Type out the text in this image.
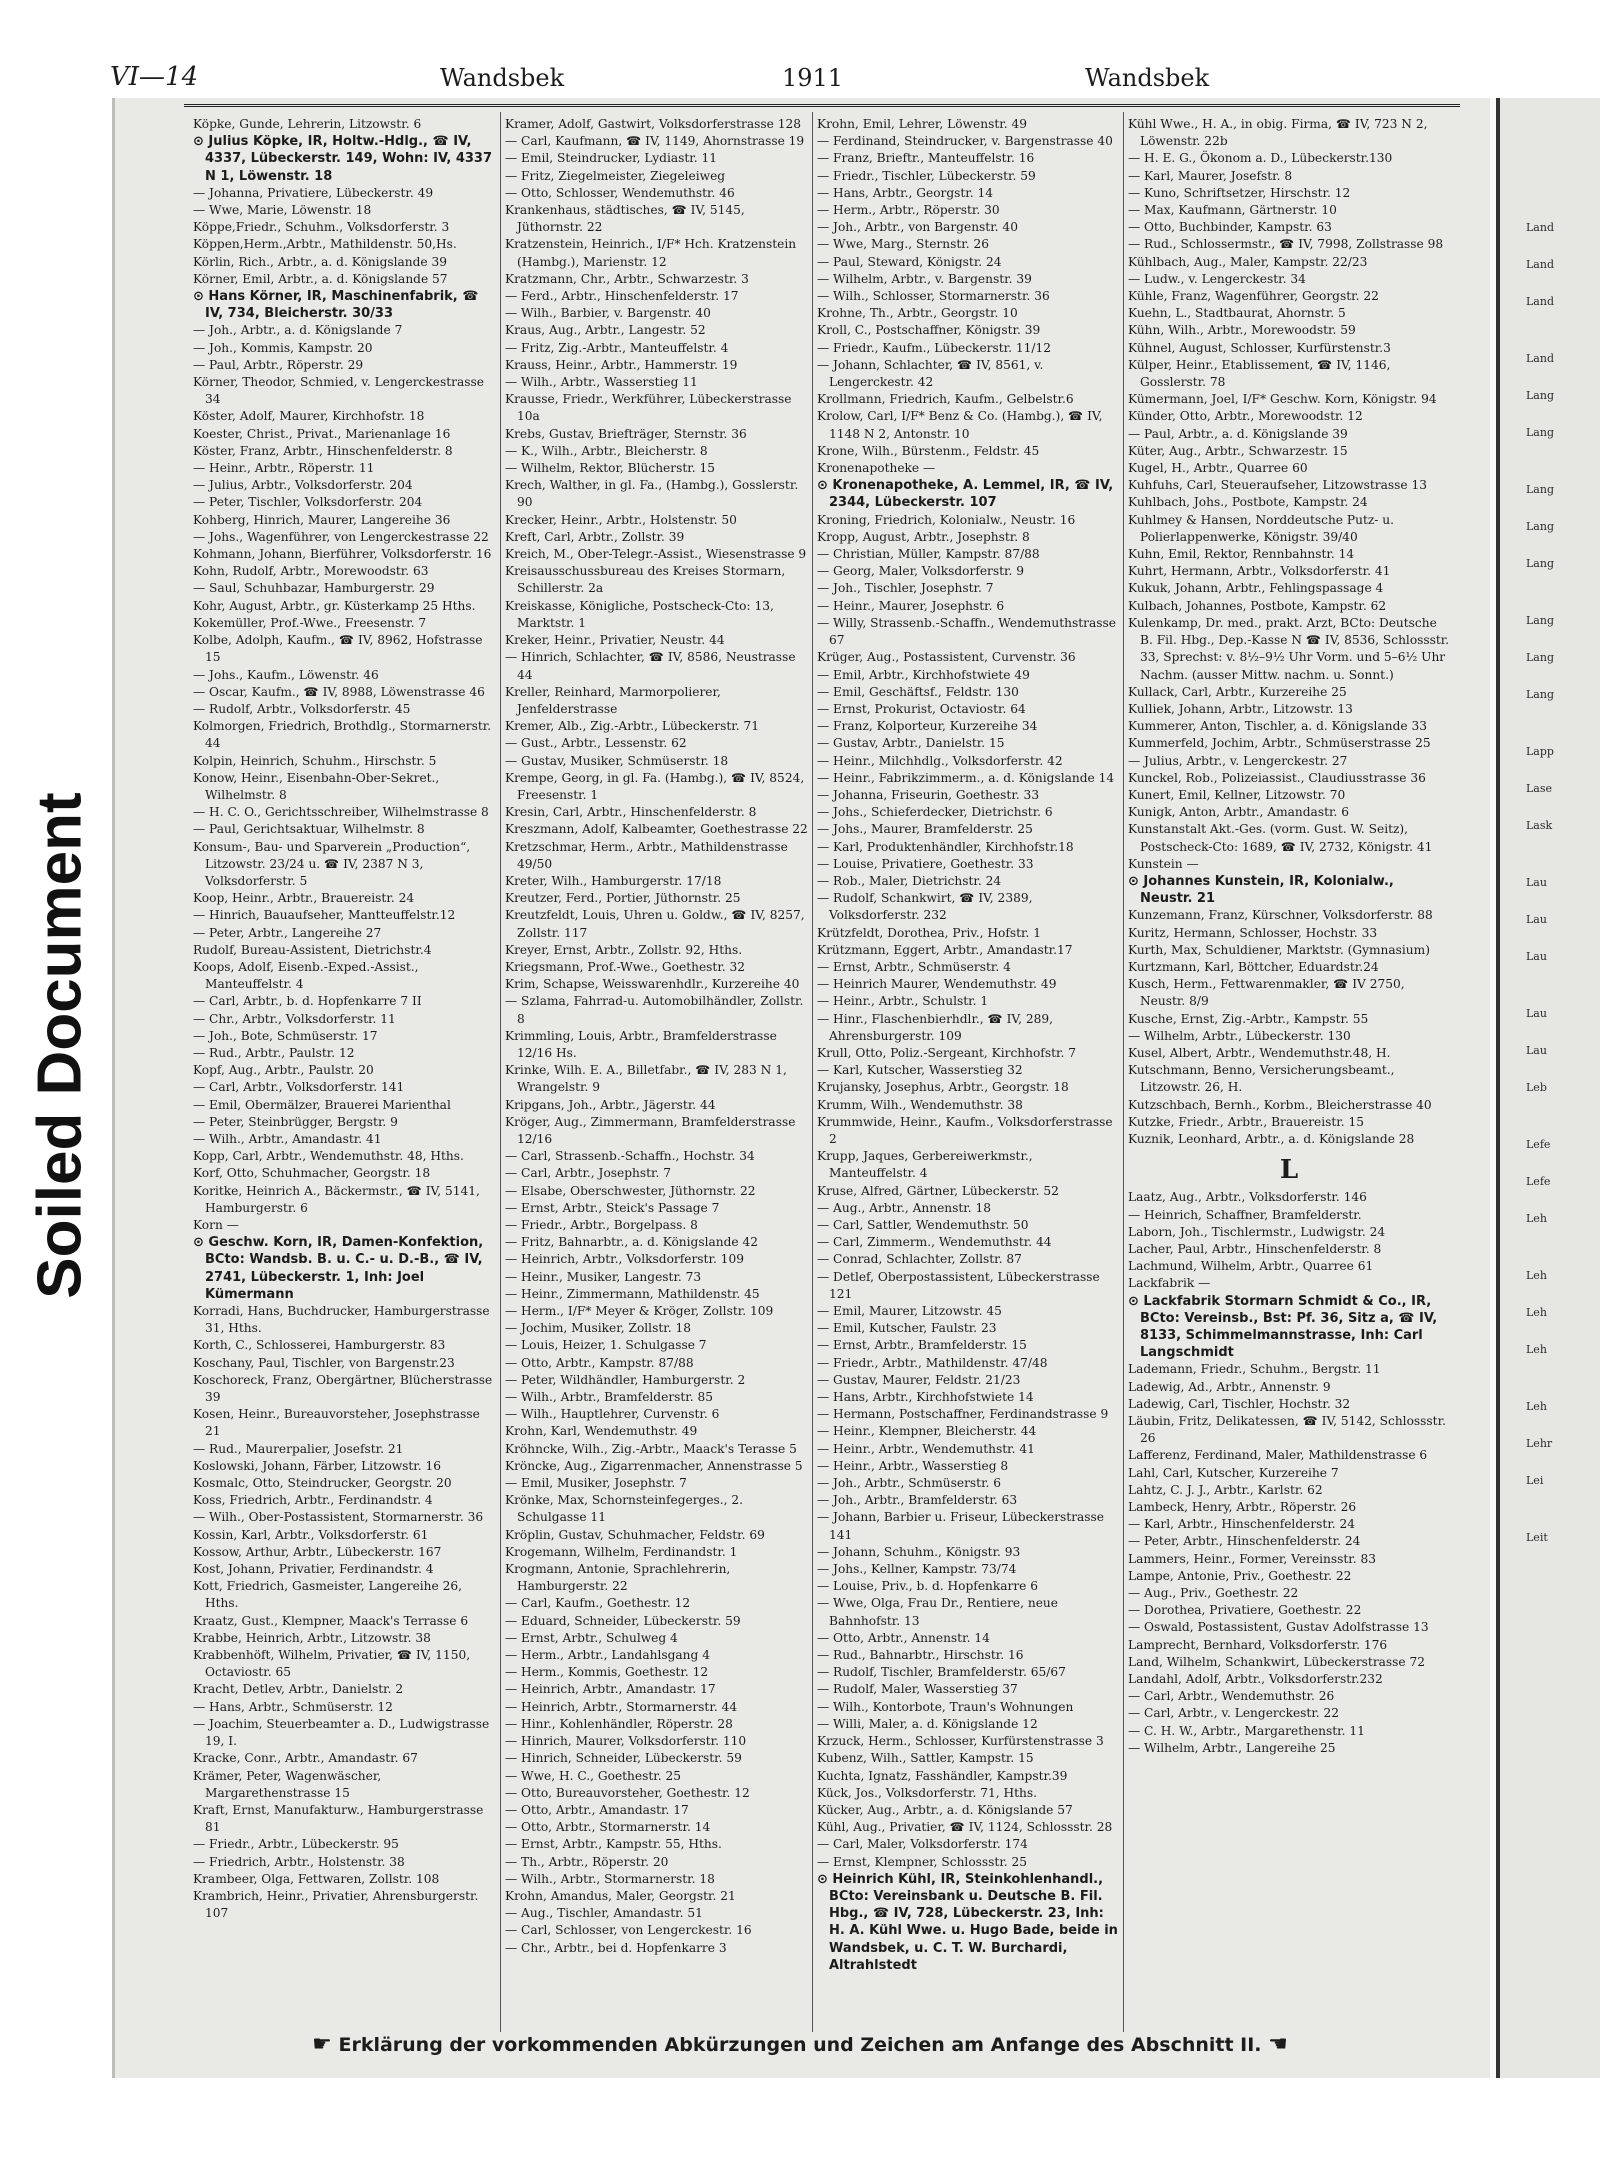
Soiled Document
Land
Land
Land
Land
Lang
Lang
Lang
Lang
Lang
Lang
Lang
Lang
Lapp
Lase
Lask
Lau
Lau
Lau
Lau
Lau
Leb
Lefe
Lefe
Leh
Leh
Leh
Leh
Leh
Lehr
Lei
Leit
VI—14	Wandsbek	1911	Wandsbek

Köpke, Gunde, Lehrerin, Litzowstr. 6

⊙ Julius Köpke, IR, Holtw.-Hdlg., ☎ IV, 4337, Lübeckerstr. 149, Wohn: IV, 4337 N 1, Löwenstr. 18

— Johanna, Privatiere, Lübeckerstr. 49

— Wwe, Marie, Löwenstr. 18

Köppe,Friedr., Schuhm., Volksdorferstr. 3

Köppen,Herm.,Arbtr., Mathildenstr. 50,Hs.

Körlin, Rich., Arbtr., a. d. Königslande 39

Körner, Emil, Arbtr., a. d. Königslande 57

⊙ Hans Körner, IR, Maschinenfabrik, ☎ IV, 734, Bleicherstr. 30/33

— Joh., Arbtr., a. d. Königslande 7

— Joh., Kommis, Kampstr. 20

— Paul, Arbtr., Röperstr. 29

Körner, Theodor, Schmied, v. Lengerckestrasse 34

Köster, Adolf, Maurer, Kirchhofstr. 18

Koester, Christ., Privat., Marienanlage 16

Köster, Franz, Arbtr., Hinschenfelderstr. 8

— Heinr., Arbtr., Röperstr. 11

— Julius, Arbtr., Volksdorferstr. 204

— Peter, Tischler, Volksdorferstr. 204

Kohberg, Hinrich, Maurer, Langereihe 36

— Johs., Wagenführer, von Lengerckestrasse 22

Kohmann, Johann, Bierführer, Volksdorferstr. 16

Kohn, Rudolf, Arbtr., Morewoodstr. 63

— Saul, Schuhbazar, Hamburgerstr. 29

Kohr, August, Arbtr., gr. Küsterkamp 25 Hths.

Kokemüller, Prof.-Wwe., Freesenstr. 7

Kolbe, Adolph, Kaufm., ☎ IV, 8962, Hofstrasse 15

— Johs., Kaufm., Löwenstr. 46

— Oscar, Kaufm., ☎ IV, 8988, Löwenstrasse 46

— Rudolf, Arbtr., Volksdorferstr. 45

Kolmorgen, Friedrich, Brothdlg., Stormarnerstr. 44

Kolpin, Heinrich, Schuhm., Hirschstr. 5

Konow, Heinr., Eisenbahn-Ober-Sekret., Wilhelmstr. 8

— H. C. O., Gerichtsschreiber, Wilhelmstrasse 8

— Paul, Gerichtsaktuar, Wilhelmstr. 8

Konsum-, Bau- und Sparverein „Production“, Litzowstr. 23/24 u. ☎ IV, 2387 N 3, Volksdorferstr. 5

Koop, Heinr., Arbtr., Brauereistr. 24

— Hinrich, Bauaufseher, Mantteuffelstr.12

— Peter, Arbtr., Langereihe 27

Rudolf, Bureau-Assistent, Dietrichstr.4

Koops, Adolf, Eisenb.-Exped.-Assist., Manteuffelstr. 4

— Carl, Arbtr., b. d. Hopfenkarre 7 II

— Chr., Arbtr., Volksdorferstr. 11

— Joh., Bote, Schmüserstr. 17

— Rud., Arbtr., Paulstr. 12

Kopf, Aug., Arbtr., Paulstr. 20

— Carl, Arbtr., Volksdorferstr. 141

— Emil, Obermälzer, Brauerei Marienthal

— Peter, Steinbrügger, Bergstr. 9

— Wilh., Arbtr., Amandastr. 41

Kopp, Carl, Arbtr., Wendemuthstr. 48, Hths.

Korf, Otto, Schuhmacher, Georgstr. 18

Koritke, Heinrich A., Bäckermstr., ☎ IV, 5141, Hamburgerstr. 6

Korn —

⊙ Geschw. Korn, IR, Damen-Konfektion, BCto: Wandsb. B. u. C.- u. D.-B., ☎ IV, 2741, Lübeckerstr. 1, Inh: Joel Kümermann

Korradi, Hans, Buchdrucker, Hamburgerstrasse 31, Hths.

Korth, C., Schlosserei, Hamburgerstr. 83

Koschany, Paul, Tischler, von Bargenstr.23

Koschoreck, Franz, Obergärtner, Blücherstrasse 39

Kosen, Heinr., Bureauvorsteher, Josephstrasse 21

— Rud., Maurerpalier, Josefstr. 21

Koslowski, Johann, Färber, Litzowstr. 16

Kosmalc, Otto, Steindrucker, Georgstr. 20

Koss, Friedrich, Arbtr., Ferdinandstr. 4

— Wilh., Ober-Postassistent, Stormarnerstr. 36

Kossin, Karl, Arbtr., Volksdorferstr. 61

Kossow, Arthur, Arbtr., Lübeckerstr. 167

Kost, Johann, Privatier, Ferdinandstr. 4

Kott, Friedrich, Gasmeister, Langereihe 26, Hths.

Kraatz, Gust., Klempner, Maack's Terrasse 6

Krabbe, Heinrich, Arbtr., Litzowstr. 38

Krabbenhöft, Wilhelm, Privatier, ☎ IV, 1150, Octaviostr. 65

Kracht, Detlev, Arbtr., Danielstr. 2

— Hans, Arbtr., Schmüserstr. 12

— Joachim, Steuerbeamter a. D., Ludwigstrasse 19, I.

Kracke, Conr., Arbtr., Amandastr. 67

Krämer, Peter, Wagenwäscher, Margarethenstrasse 15

Kraft, Ernst, Manufakturw., Hamburgerstrasse 81

— Friedr., Arbtr., Lübeckerstr. 95

— Friedrich, Arbtr., Holstenstr. 38

Krambeer, Olga, Fettwaren, Zollstr. 108

Krambrich, Heinr., Privatier, Ahrensburgerstr. 107

Kramer, Adolf, Gastwirt, Volksdorferstrasse 128

— Carl, Kaufmann, ☎ IV, 1149, Ahornstrasse 19

— Emil, Steindrucker, Lydiastr. 11

— Fritz, Ziegelmeister, Ziegeleiweg

— Otto, Schlosser, Wendemuthstr. 46

Krankenhaus, städtisches, ☎ IV, 5145, Jüthornstr. 22

Kratzenstein, Heinrich., I/F* Hch. Kratzenstein (Hambg.), Marienstr. 12

Kratzmann, Chr., Arbtr., Schwarzestr. 3

— Ferd., Arbtr., Hinschenfelderstr. 17

— Wilh., Barbier, v. Bargenstr. 40

Kraus, Aug., Arbtr., Langestr. 52

— Fritz, Zig.-Arbtr., Manteuffelstr. 4

Krauss, Heinr., Arbtr., Hammerstr. 19

— Wilh., Arbtr., Wasserstieg 11

Krausse, Friedr., Werkführer, Lübeckerstrasse 10a

Krebs, Gustav, Briefträger, Sternstr. 36

— K., Wilh., Arbtr., Bleicherstr. 8

— Wilhelm, Rektor, Blücherstr. 15

Krech, Walther, in gl. Fa., (Hambg.), Gosslerstr. 90

Krecker, Heinr., Arbtr., Holstenstr. 50

Kreft, Carl, Arbtr., Zollstr. 39

Kreich, M., Ober-Telegr.-Assist., Wiesenstrasse 9

Kreisausschussbureau des Kreises Stormarn, Schillerstr. 2a

Kreiskasse, Königliche, Postscheck-Cto: 13, Marktstr. 1

Kreker, Heinr., Privatier, Neustr. 44

— Hinrich, Schlachter, ☎ IV, 8586, Neustrasse 44

Kreller, Reinhard, Marmorpolierer, Jenfelderstrasse

Kremer, Alb., Zig.-Arbtr., Lübeckerstr. 71

— Gust., Arbtr., Lessenstr. 62

— Gustav, Musiker, Schmüserstr. 18

Krempe, Georg, in gl. Fa. (Hambg.), ☎ IV, 8524, Freesenstr. 1

Kresin, Carl, Arbtr., Hinschenfelderstr. 8

Kreszmann, Adolf, Kalbeamter, Goethestrasse 22

Kretzschmar, Herm., Arbtr., Mathildenstrasse 49/50

Kreter, Wilh., Hamburgerstr. 17/18

Kreutzer, Ferd., Portier, Jüthornstr. 25

Kreutzfeldt, Louis, Uhren u. Goldw., ☎ IV, 8257, Zollstr. 117

Kreyer, Ernst, Arbtr., Zollstr. 92, Hths.

Kriegsmann, Prof.-Wwe., Goethestr. 32

Krim, Schapse, Weisswarenhdlr., Kurzereihe 40

— Szlama, Fahrrad-u. Automobilhändler, Zollstr. 8

Krimmling, Louis, Arbtr., Bramfelderstrasse 12/16 Hs.

Krinke, Wilh. E. A., Billetfabr., ☎ IV, 283 N 1, Wrangelstr. 9

Kripgans, Joh., Arbtr., Jägerstr. 44

Kröger, Aug., Zimmermann, Bramfelderstrasse 12/16

— Carl, Strassenb.-Schaffn., Hochstr. 34

— Carl, Arbtr., Josephstr. 7

— Elsabe, Oberschwester, Jüthornstr. 22

— Ernst, Arbtr., Steick's Passage 7

— Friedr., Arbtr., Borgelpass. 8

— Fritz, Bahnarbtr., a. d. Königslande 42

— Heinrich, Arbtr., Volksdorferstr. 109

— Heinr., Musiker, Langestr. 73

— Heinr., Zimmermann, Mathildenstr. 45

— Herm., I/F* Meyer & Kröger, Zollstr. 109

— Jochim, Musiker, Zollstr. 18

— Louis, Heizer, 1. Schulgasse 7

— Otto, Arbtr., Kampstr. 87/88

— Peter, Wildhändler, Hamburgerstr. 2

— Wilh., Arbtr., Bramfelderstr. 85

— Wilh., Hauptlehrer, Curvenstr. 6

Krohn, Karl, Wendemuthstr. 49

Kröhncke, Wilh., Zig.-Arbtr., Maack's Terasse 5

Kröncke, Aug., Zigarrenmacher, Annenstrasse 5

— Emil, Musiker, Josephstr. 7

Krönke, Max, Schornsteinfegerges., 2. Schulgasse 11

Kröplin, Gustav, Schuhmacher, Feldstr. 69

Krogemann, Wilhelm, Ferdinandstr. 1

Krogmann, Antonie, Sprachlehrerin, Hamburgerstr. 22

— Carl, Kaufm., Goethestr. 12

— Eduard, Schneider, Lübeckerstr. 59

— Ernst, Arbtr., Schulweg 4

— Herm., Arbtr., Landahlsgang 4

— Herm., Kommis, Goethestr. 12

— Heinrich, Arbtr., Amandastr. 17

— Heinrich, Arbtr., Stormarnerstr. 44

— Hinr., Kohlenhändler, Röperstr. 28

— Hinrich, Maurer, Volksdorferstr. 110

— Hinrich, Schneider, Lübeckerstr. 59

— Wwe, H. C., Goethestr. 25

— Otto, Bureauvorsteher, Goethestr. 12

— Otto, Arbtr., Amandastr. 17

— Otto, Arbtr., Stormarnerstr. 14

— Ernst, Arbtr., Kampstr. 55, Hths.

— Th., Arbtr., Röperstr. 20

— Wilh., Arbtr., Stormarnerstr. 18

Krohn, Amandus, Maler, Georgstr. 21

— Aug., Tischler, Amandastr. 51

— Carl, Schlosser, von Lengerckestr. 16

— Chr., Arbtr., bei d. Hopfenkarre 3

Krohn, Emil, Lehrer, Löwenstr. 49

— Ferdinand, Steindrucker, v. Bargenstrasse 40

— Franz, Brieftr., Manteuffelstr. 16

— Friedr., Tischler, Lübeckerstr. 59

— Hans, Arbtr., Georgstr. 14

— Herm., Arbtr., Röperstr. 30

— Joh., Arbtr., von Bargenstr. 40

— Wwe, Marg., Sternstr. 26

— Paul, Steward, Königstr. 24

— Wilhelm, Arbtr., v. Bargenstr. 39

— Wilh., Schlosser, Stormarnerstr. 36

Krohne, Th., Arbtr., Georgstr. 10

Kroll, C., Postschaffner, Königstr. 39

— Friedr., Kaufm., Lübeckerstr. 11/12

— Johann, Schlachter, ☎ IV, 8561, v. Lengerckestr. 42

Krollmann, Friedrich, Kaufm., Gelbelstr.6

Krolow, Carl, I/F* Benz & Co. (Hambg.), ☎ IV, 1148 N 2, Antonstr. 10

Krone, Wilh., Bürstenm., Feldstr. 45

Kronenapotheke —

⊙ Kronenapotheke, A. Lemmel, IR, ☎ IV, 2344, Lübeckerstr. 107

Kroning, Friedrich, Kolonialw., Neustr. 16

Kropp, August, Arbtr., Josephstr. 8

— Christian, Müller, Kampstr. 87/88

— Georg, Maler, Volksdorferstr. 9

— Joh., Tischler, Josephstr. 7

— Heinr., Maurer, Josephstr. 6

— Willy, Strassenb.-Schaffn., Wendemuthstrasse 67

Krüger, Aug., Postassistent, Curvenstr. 36

— Emil, Arbtr., Kirchhofstwiete 49

— Emil, Geschäftsf., Feldstr. 130

— Ernst, Prokurist, Octaviostr. 64

— Franz, Kolporteur, Kurzereihe 34

— Gustav, Arbtr., Danielstr. 15

— Heinr., Milchhdlg., Volksdorferstr. 42

— Heinr., Fabrikzimmerm., a. d. Königslande 14

— Johanna, Friseurin, Goethestr. 33

— Johs., Schieferdecker, Dietrichstr. 6

— Johs., Maurer, Bramfelderstr. 25

— Karl, Produktenhändler, Kirchhofstr.18

— Louise, Privatiere, Goethestr. 33

— Rob., Maler, Dietrichstr. 24

— Rudolf, Schankwirt, ☎ IV, 2389, Volksdorferstr. 232

Krützfeldt, Dorothea, Priv., Hofstr. 1

Krützmann, Eggert, Arbtr., Amandastr.17

— Ernst, Arbtr., Schmüserstr. 4

— Heinrich Maurer, Wendemuthstr. 49

— Heinr., Arbtr., Schulstr. 1

— Hinr., Flaschenbierhdlr., ☎ IV, 289, Ahrensburgerstr. 109

Krull, Otto, Poliz.-Sergeant, Kirchhofstr. 7

— Karl, Kutscher, Wasserstieg 32

Krujansky, Josephus, Arbtr., Georgstr. 18

Krumm, Wilh., Wendemuthstr. 38

Krummwide, Heinr., Kaufm., Volksdorferstrasse 2

Krupp, Jaques, Gerbereiwerkmstr., Manteuffelstr. 4

Kruse, Alfred, Gärtner, Lübeckerstr. 52

— Aug., Arbtr., Annenstr. 18

— Carl, Sattler, Wendemuthstr. 50

— Carl, Zimmerm., Wendemuthstr. 44

— Conrad, Schlachter, Zollstr. 87

— Detlef, Oberpostassistent, Lübeckerstrasse 121

— Emil, Maurer, Litzowstr. 45

— Emil, Kutscher, Faulstr. 23

— Ernst, Arbtr., Bramfelderstr. 15

— Friedr., Arbtr., Mathildenstr. 47/48

— Gustav, Maurer, Feldstr. 21/23

— Hans, Arbtr., Kirchhofstwiete 14

— Hermann, Postschaffner, Ferdinandstrasse 9

— Heinr., Klempner, Bleicherstr. 44

— Heinr., Arbtr., Wendemuthstr. 41

— Heinr., Arbtr., Wasserstieg 8

— Joh., Arbtr., Schmüserstr. 6

— Joh., Arbtr., Bramfelderstr. 63

— Johann, Barbier u. Friseur, Lübeckerstrasse 141

— Johann, Schuhm., Königstr. 93

— Johs., Kellner, Kampstr. 73/74

— Louise, Priv., b. d. Hopfenkarre 6

— Wwe, Olga, Frau Dr., Rentiere, neue Bahnhofstr. 13

— Otto, Arbtr., Annenstr. 14

— Rud., Bahnarbtr., Hirschstr. 16

— Rudolf, Tischler, Bramfelderstr. 65/67

— Rudolf, Maler, Wasserstieg 37

— Wilh., Kontorbote, Traun's Wohnungen

— Willi, Maler, a. d. Königslande 12

Krzuck, Herm., Schlosser, Kurfürstenstrasse 3

Kubenz, Wilh., Sattler, Kampstr. 15

Kuchta, Ignatz, Fasshändler, Kampstr.39

Kück, Jos., Volksdorferstr. 71, Hths.

Kücker, Aug., Arbtr., a. d. Königslande 57

Kühl, Aug., Privatier, ☎ IV, 1124, Schlossstr. 28

— Carl, Maler, Volksdorferstr. 174

— Ernst, Klempner, Schlossstr. 25

⊙ Heinrich Kühl, IR, Steinkohlenhandl., BCto: Vereinsbank u. Deutsche B. Fil. Hbg., ☎ IV, 728, Lübeckerstr. 23, Inh: H. A. Kühl Wwe. u. Hugo Bade, beide in Wandsbek, u. C. T. W. Burchardi, Altrahlstedt

Kühl Wwe., H. A., in obig. Firma, ☎ IV, 723 N 2, Löwenstr. 22b

— H. E. G., Ökonom a. D., Lübeckerstr.130

— Karl, Maurer, Josefstr. 8

— Kuno, Schriftsetzer, Hirschstr. 12

— Max, Kaufmann, Gärtnerstr. 10

— Otto, Buchbinder, Kampstr. 63

— Rud., Schlossermstr., ☎ IV, 7998, Zollstrasse 98

Kühlbach, Aug., Maler, Kampstr. 22/23

— Ludw., v. Lengerckestr. 34

Kühle, Franz, Wagenführer, Georgstr. 22

Kuehn, L., Stadtbaurat, Ahornstr. 5

Kühn, Wilh., Arbtr., Morewoodstr. 59

Kühnel, August, Schlosser, Kurfürstenstr.3

Külper, Heinr., Etablissement, ☎ IV, 1146, Gosslerstr. 78

Kümermann, Joel, I/F* Geschw. Korn, Königstr. 94

Künder, Otto, Arbtr., Morewoodstr. 12

— Paul, Arbtr., a. d. Königslande 39

Küter, Aug., Arbtr., Schwarzestr. 15

Kugel, H., Arbtr., Quarree 60

Kuhfuhs, Carl, Steueraufseher, Litzowstrasse 13

Kuhlbach, Johs., Postbote, Kampstr. 24

Kuhlmey & Hansen, Norddeutsche Putz- u. Polierlappenwerke, Königstr. 39/40

Kuhn, Emil, Rektor, Rennbahnstr. 14

Kuhrt, Hermann, Arbtr., Volksdorferstr. 41

Kukuk, Johann, Arbtr., Fehlingspassage 4

Kulbach, Johannes, Postbote, Kampstr. 62

Kulenkamp, Dr. med., prakt. Arzt, BCto: Deutsche B. Fil. Hbg., Dep.-Kasse N ☎ IV, 8536, Schlossstr. 33, Sprechst: v. 8½–9½ Uhr Vorm. und 5–6½ Uhr Nachm. (ausser Mittw. nachm. u. Sonnt.)

Kullack, Carl, Arbtr., Kurzereihe 25

Kulliek, Johann, Arbtr., Litzowstr. 13

Kummerer, Anton, Tischler, a. d. Königslande 33

Kummerfeld, Jochim, Arbtr., Schmüserstrasse 25

— Julius, Arbtr., v. Lengerckestr. 27

Kunckel, Rob., Polizeiassist., Claudiusstrasse 36

Kunert, Emil, Kellner, Litzowstr. 70

Kunigk, Anton, Arbtr., Amandastr. 6

Kunstanstalt Akt.-Ges. (vorm. Gust. W. Seitz), Postscheck-Cto: 1689, ☎ IV, 2732, Königstr. 41

Kunstein —

⊙ Johannes Kunstein, IR, Kolonialw., Neustr. 21

Kunzemann, Franz, Kürschner, Volksdorferstr. 88

Kuritz, Hermann, Schlosser, Hochstr. 33

Kurth, Max, Schuldiener, Marktstr. (Gymnasium)

Kurtzmann, Karl, Böttcher, Eduardstr.24

Kusch, Herm., Fettwarenmakler, ☎ IV 2750, Neustr. 8/9

Kusche, Ernst, Zig.-Arbtr., Kampstr. 55

— Wilhelm, Arbtr., Lübeckerstr. 130

Kusel, Albert, Arbtr., Wendemuthstr.48, H.

Kutschmann, Benno, Versicherungsbeamt., Litzowstr. 26, H.

Kutzschbach, Bernh., Korbm., Bleicherstrasse 40

Kutzke, Friedr., Arbtr., Brauereistr. 15

Kuznik, Leonhard, Arbtr., a. d. Königslande 28

L

Laatz, Aug., Arbtr., Volksdorferstr. 146

— Heinrich, Schaffner, Bramfelderstr.

Laborn, Joh., Tischlermstr., Ludwigstr. 24

Lacher, Paul, Arbtr., Hinschenfelderstr. 8

Lachmund, Wilhelm, Arbtr., Quarree 61

Lackfabrik —

⊙ Lackfabrik Stormarn Schmidt & Co., IR, BCto: Vereinsb., Bst: Pf. 36, Sitz a, ☎ IV, 8133, Schimmelmannstrasse, Inh: Carl Langschmidt

Lademann, Friedr., Schuhm., Bergstr. 11

Ladewig, Ad., Arbtr., Annenstr. 9

Ladewig, Carl, Tischler, Hochstr. 32

Läubin, Fritz, Delikatessen, ☎ IV, 5142, Schlossstr. 26

Lafferenz, Ferdinand, Maler, Mathildenstrasse 6

Lahl, Carl, Kutscher, Kurzereihe 7

Lahtz, C. J. J., Arbtr., Karlstr. 62

Lambeck, Henry, Arbtr., Röperstr. 26

— Karl, Arbtr., Hinschenfelderstr. 24

— Peter, Arbtr., Hinschenfelderstr. 24

Lammers, Heinr., Former, Vereinsstr. 83

Lampe, Antonie, Priv., Goethestr. 22

— Aug., Priv., Goethestr. 22

— Dorothea, Privatiere, Goethestr. 22

— Oswald, Postassistent, Gustav Adolfstrasse 13

Lamprecht, Bernhard, Volksdorferstr. 176

Land, Wilhelm, Schankwirt, Lübeckerstrasse 72

Landahl, Adolf, Arbtr., Volksdorferstr.232

— Carl, Arbtr., Wendemuthstr. 26

— Carl, Arbtr., v. Lengerckestr. 22

— C. H. W., Arbtr., Margarethenstr. 11

— Wilhelm, Arbtr., Langereihe 25

☛ Erklärung der vorkommenden Abkürzungen und Zeichen am Anfange des Abschnitt II. ☚
